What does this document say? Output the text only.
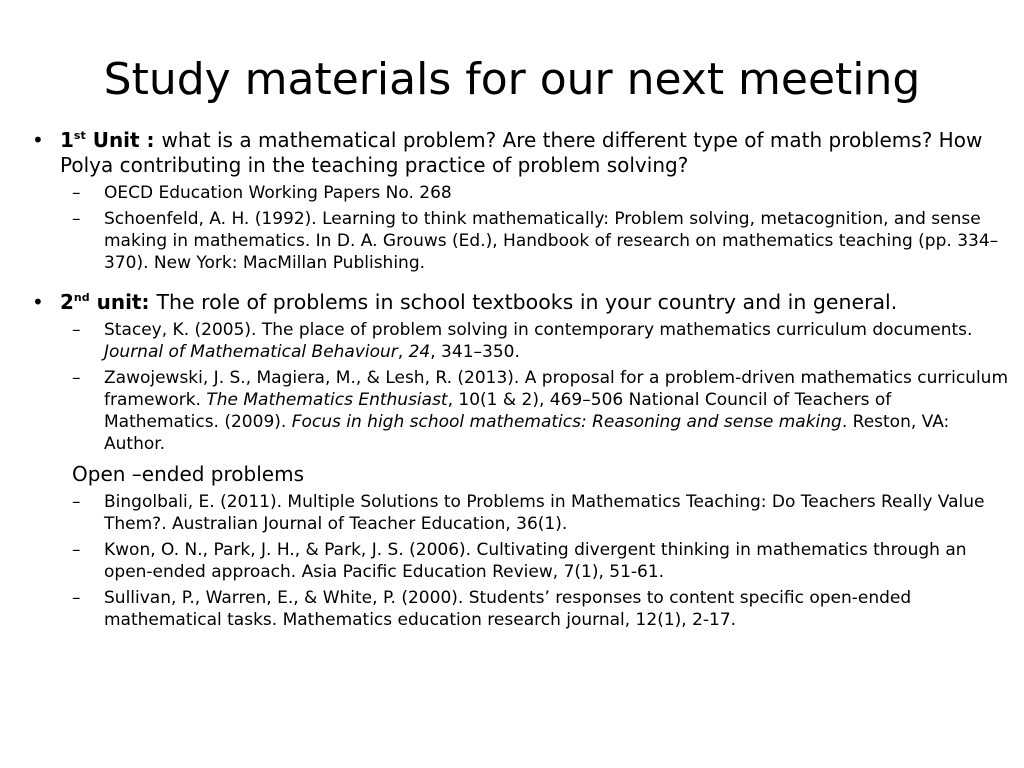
Study materials for our next meeting
• 1st Unit : what is a mathematical problem? Are there different type of math problems? How Polya contributing in the teaching practice of problem solving?
– OECD Education Working Papers No. 268
– Schoenfeld, A. H. (1992). Learning to think mathematically: Problem solving, metacognition, and sense making in mathematics. In D. A. Grouws (Ed.), Handbook of research on mathematics teaching (pp. 334–370). New York: MacMillan Publishing.
• 2nd unit: The role of problems in school textbooks in your country and in general.
– Stacey, K. (2005). The place of problem solving in contemporary mathematics curriculum documents. Journal of Mathematical Behaviour, 24, 341–350.
– Zawojewski, J. S., Magiera, M., & Lesh, R. (2013). A proposal for a problem-driven mathematics curriculum framework. The Mathematics Enthusiast, 10(1 & 2), 469–506 National Council of Teachers of Mathematics. (2009). Focus in high school mathematics: Reasoning and sense making. Reston, VA: Author.
Open –ended problems
– Bingolbali, E. (2011). Multiple Solutions to Problems in Mathematics Teaching: Do Teachers Really Value Them?. Australian Journal of Teacher Education, 36(1).
– Kwon, O. N., Park, J. H., & Park, J. S. (2006). Cultivating divergent thinking in mathematics through an open-ended approach. Asia Pacific Education Review, 7(1), 51-61.
– Sullivan, P., Warren, E., & White, P. (2000). Students’ responses to content specific open-ended mathematical tasks. Mathematics education research journal, 12(1), 2-17.
